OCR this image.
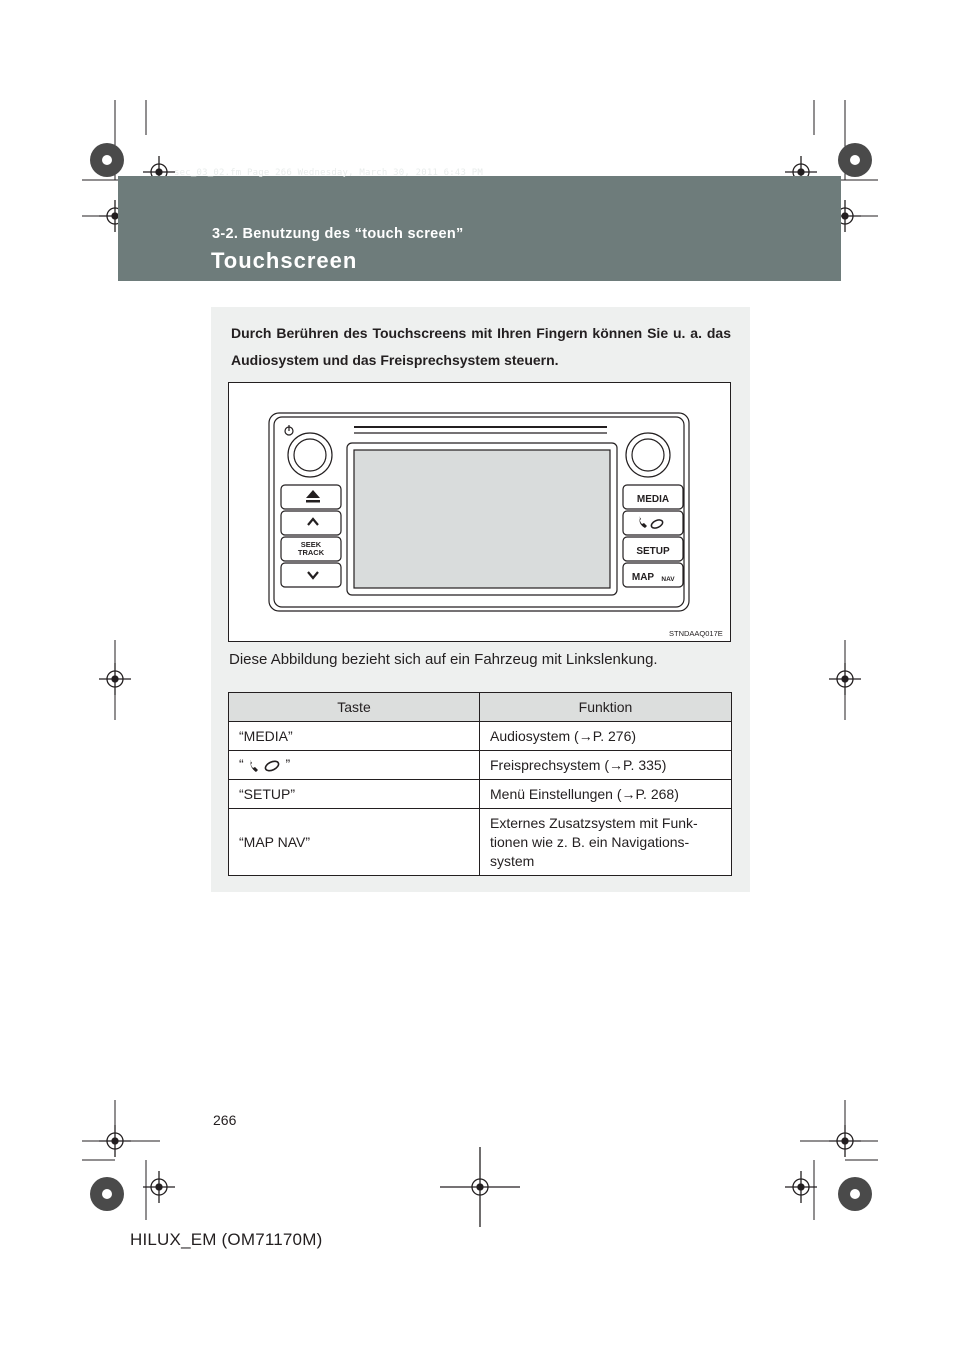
sec_03_02.fm Page 266 Wednesday, March 30, 2011 6:43 PM
3-2. Benutzung des “touch screen”
Touchscreen
Durch Berühren des Touchscreens mit Ihren Fingern können Sie u. a. das Audiosystem und das Freisprechsystem steuern.
SEEK
TRACK
MEDIA
SETUP
MAP NAV
STNDAAQ017E
Diese Abbildung bezieht sich auf ein Fahrzeug mit Linkslenkung.
Taste	Funktion
“MEDIA”	Audiosystem (→P. 276)
“ ”	Freisprechsystem (→P. 335)
“SETUP”	Menü Einstellungen (→P. 268)
“MAP NAV”	Externes Zusatzsystem mit Funk-tionen wie z. B. ein Navigations-system
266
HILUX_EM (OM71170M)
